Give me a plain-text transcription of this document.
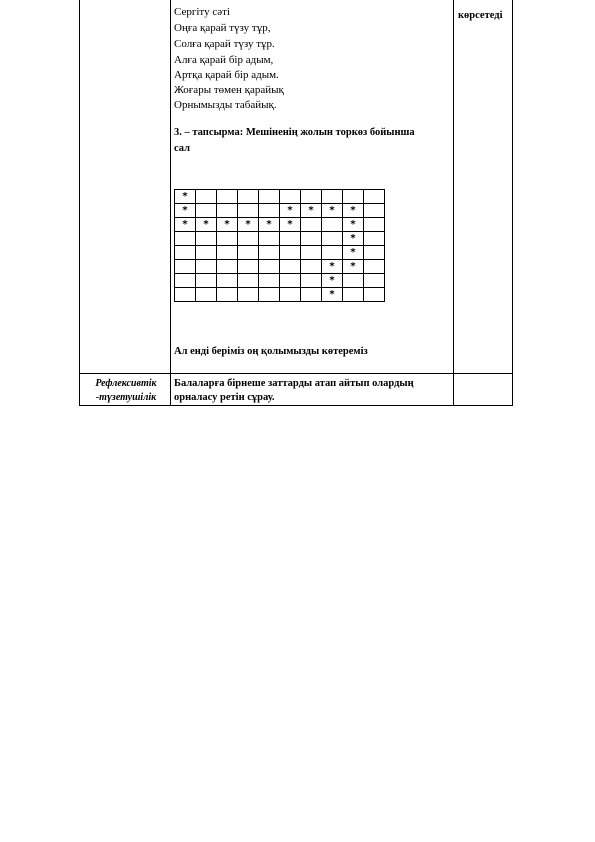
Сергіту сәті
Оңға қарай түзу тұр,
Солға қарай түзу тұр.
Алға қарай бір адым,
Артқа қарай бір адым.
Жоғары төмен қарайық
Орнымызды табайық.
3. – тапсырма: Мешіненің жолын торкөз бойынша
сал
*									
*					*	*	*	*	
*	*	*	*	*	*			*	
								*	
								*	
							*	*	
							*		
							*		
Ал енді берімiз оң қолымызды көтереміз
көрсетеді
Рефлексивтік
-түзетушілік
Балаларға бірнеше заттарды атап айтып олардың
орналасу ретін сұрау.
